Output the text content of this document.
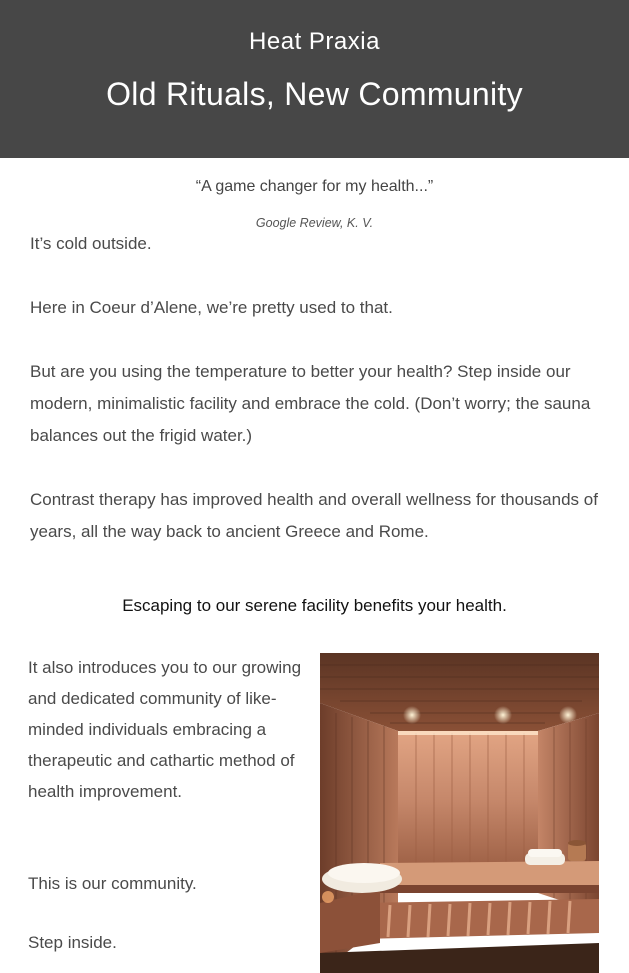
Heat Praxia
Old Rituals, New Community
“A game changer for my health...”
Google Review, K. V.
It’s cold outside.
Here in Coeur d’Alene, we’re pretty used to that.
But are you using the temperature to better your health? Step inside our modern, minimalistic facility and embrace the cold. (Don’t worry; the sauna balances out the frigid water.)
Contrast therapy has improved health and overall wellness for thousands of years, all the way back to ancient Greece and Rome.
Escaping to our serene facility benefits your health.
It also introduces you to our growing and dedicated community of like-minded individuals embracing a therapeutic and cathartic method of health improvement.
This is our community.
Step inside.
